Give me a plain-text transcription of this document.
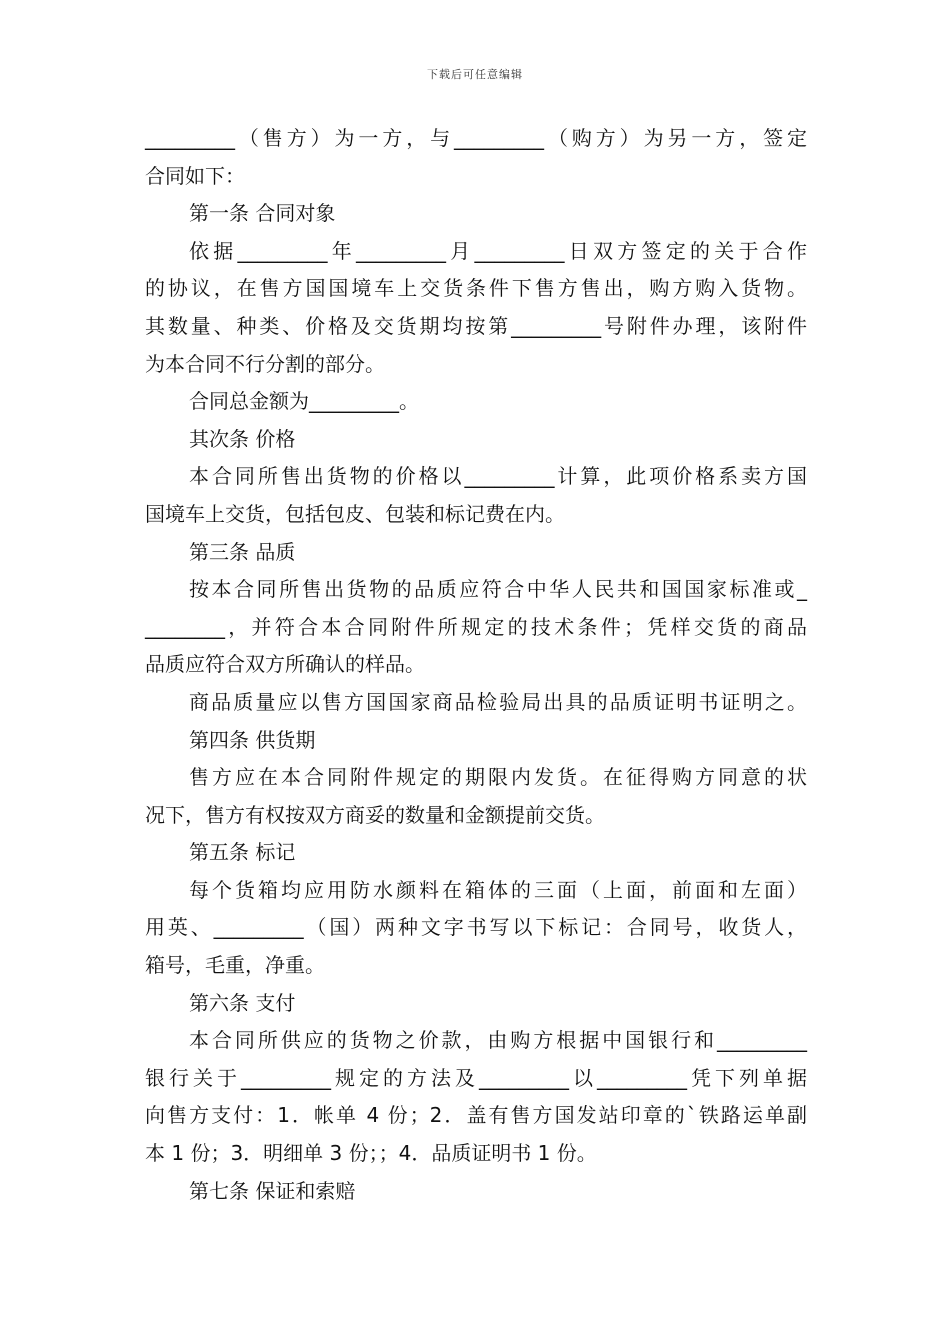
下载后可任意编辑
_________（售方）为一方，与_________（购方）为另一方，签定
合同如下：
第一条 合同对象
依据_________年_________月_________日双方签定的关于合作
的协议，在售方国国境车上交货条件下售方售出，购方购入货物。
其数量、种类、价格及交货期均按第_________号附件办理，该附件
为本合同不行分割的部分。
合同总金额为_________。
其次条 价格
本合同所售出货物的价格以_________计算，此项价格系卖方国
国境车上交货，包括包皮、包装和标记费在内。
第三条 品质
按本合同所售出货物的品质应符合中华人民共和国国家标准或_
________，并符合本合同附件所规定的技术条件；凭样交货的商品
品质应符合双方所确认的样品。
商品质量应以售方国国家商品检验局出具的品质证明书证明之。
第四条 供货期
售方应在本合同附件规定的期限内发货。在征得购方同意的状
况下，售方有权按双方商妥的数量和金额提前交货。
第五条 标记
每个货箱均应用防水颜料在箱体的三面（上面，前面和左面）
用英、_________（国）两种文字书写以下标记：合同号，收货人，
箱号，毛重，净重。
第六条 支付
本合同所供应的货物之价款，由购方根据中国银行和_________
银行关于_________规定的方法及_________以_________凭下列单据
向售方支付：1．帐单 4 份；2．盖有售方国发站印章的`铁路运单副
本 1 份；3．明细单 3 份；；4．品质证明书 1 份。
第七条 保证和索赔
